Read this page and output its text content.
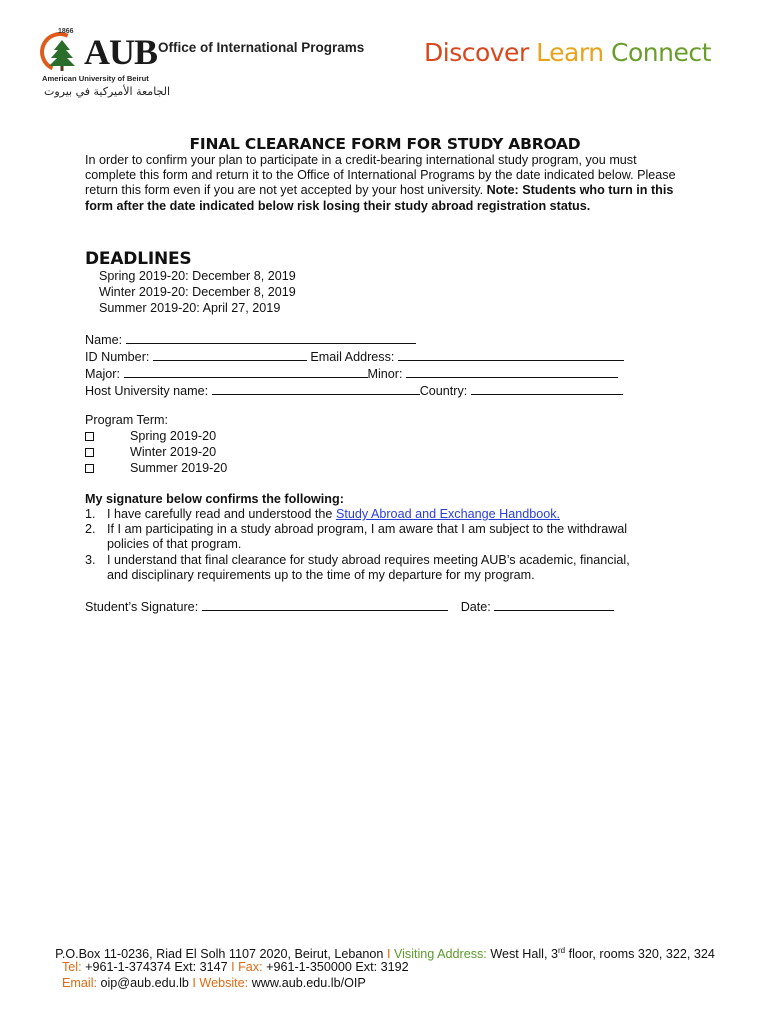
1866
AUB
American University of Beirut
الجامعة الأميركية في بيروت
Office of International Programs Discover Learn Connect
FINAL CLEARANCE FORM FOR STUDY ABROAD
In order to confirm your plan to participate in a credit-bearing international study program, you must complete this form and return it to the Office of International Programs by the date indicated below. Please return this form even if you are not yet accepted by your host university. Note: Students who turn in this form after the date indicated below risk losing their study abroad registration status.
DEADLINES
Spring 2019-20: December 8, 2019
Winter 2019-20: December 8, 2019
Summer 2019-20: April 27, 2019
Name:
ID Number:	Email Address:
Major:	Minor:
Host University name:	Country:
Program Term:
Spring 2019-20
Winter 2019-20
Summer 2019-20
My signature below confirms the following:
1. I have carefully read and understood the Study Abroad and Exchange Handbook.
2. If I am participating in a study abroad program, I am aware that I am subject to the withdrawal policies of that program.
3. I understand that final clearance for study abroad requires meeting AUB’s academic, financial, and disciplinary requirements up to the time of my departure for my program.
Student’s Signature:	Date:
P.O.Box 11-0236, Riad El Solh 1107 2020, Beirut, Lebanon I Visiting Address: West Hall, 3rd floor, rooms 320, 322, 324
Tel: +961-1-374374 Ext: 3147 I Fax: +961-1-350000 Ext: 3192
Email: oip@aub.edu.lb I Website: www.aub.edu.lb/OIP
